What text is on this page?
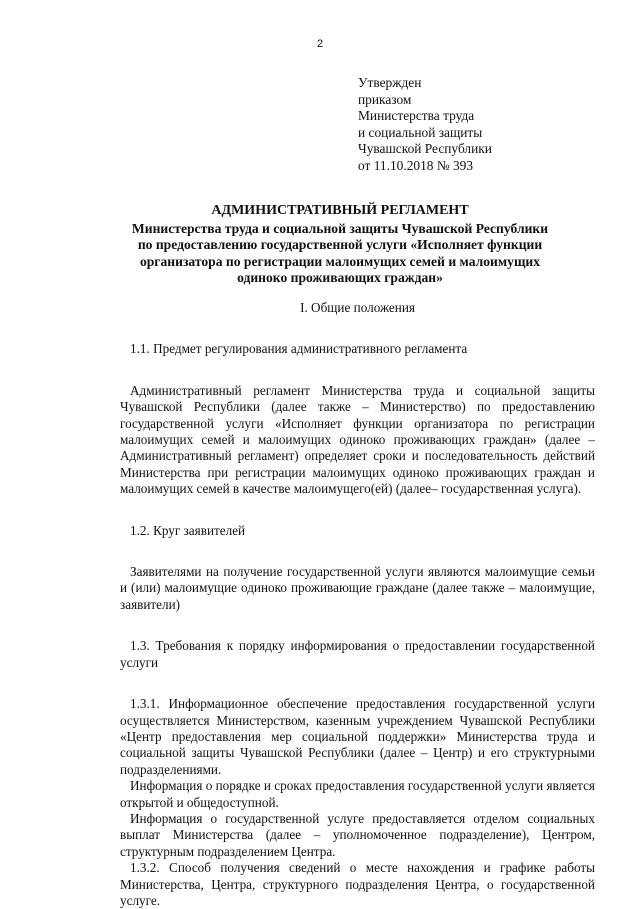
2
Утвержден
приказом
Министерства труда
и социальной защиты
Чувашской Республики
от 11.10.2018 № 393
АДМИНИСТРАТИВНЫЙ РЕГЛАМЕНТ
Министерства труда и социальной защиты Чувашской Республики
по предоставлению государственной услуги «Исполняет функции
организатора по регистрации малоимущих семей и малоимущих
одиноко проживающих граждан»
I. Общие положения
1.1. Предмет регулирования административного регламента

Административный регламент Министерства труда и социальной защиты Чувашской Республики (далее также – Министерство) по предоставлению государственной услуги «Исполняет функции организатора по регистрации малоимущих семей и малоимущих одиноко проживающих граждан» (далее – Административный регламент) определяет сроки и последовательность действий Министерства при регистрации малоимущих одиноко проживающих граждан и малоимущих семей в качестве малоимущего(ей) (далее– государственная услуга).

1.2. Круг заявителей

Заявителями на получение государственной услуги являются малоимущие семьи и (или) малоимущие одиноко проживающие граждане (далее также – малоимущие, заявители)

1.3. Требования к порядку информирования о предоставлении государственной услуги

1.3.1. Информационное обеспечение предоставления государственной услуги осуществляется Министерством, казенным учреждением Чувашской Республики «Центр предоставления мер социальной поддержки» Министерства труда и социальной защиты Чувашской Республики (далее – Центр) и его структурными подразделениями.

Информация о порядке и сроках предоставления государственной услуги является открытой и общедоступной.

Информация о государственной услуге предоставляется отделом социальных выплат Министерства (далее – уполномоченное подразделение), Центром, структурным подразделением Центра.

1.3.2. Способ получения сведений о месте нахождения и графике работы Министерства, Центра, структурного подразделения Центра, о государственной услуге.
